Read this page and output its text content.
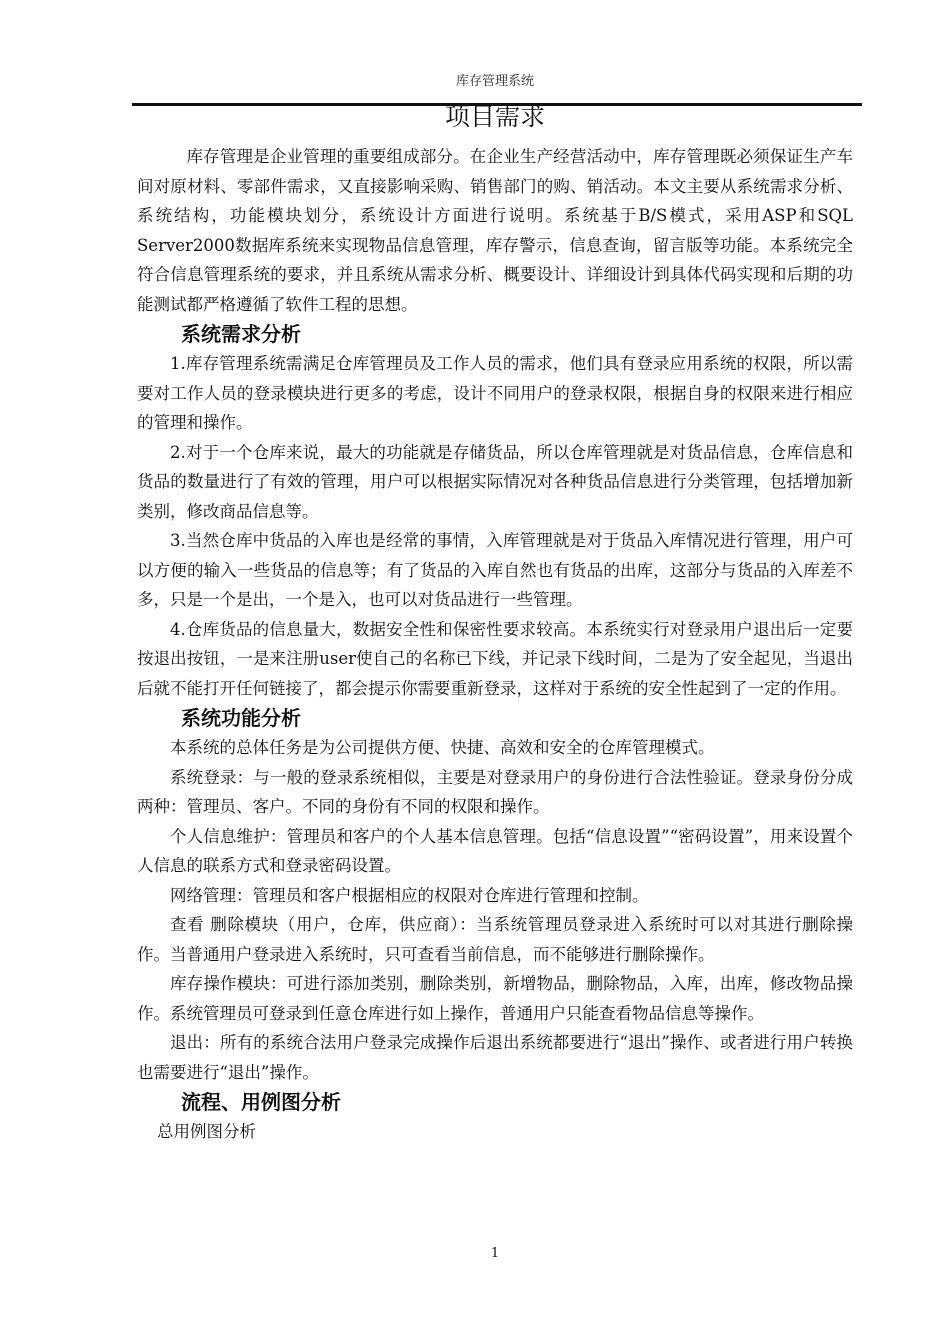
库存管理系统
项目需求

库存管理是企业管理的重要组成部分。在企业生产经营活动中，库存管理既必须保证生产车间对原材料、零部件需求，又直接影响采购、销售部门的购、销活动。本文主要从系统需求分析、系统结构，功能模块划分，系统设计方面进行说明。系统基于B/S模式，采用ASP和SQL Server2000数据库系统来实现物品信息管理，库存警示，信息查询，留言版等功能。本系统完全符合信息管理系统的要求，并且系统从需求分析、概要设计、详细设计到具体代码实现和后期的功能测试都严格遵循了软件工程的思想。

系统需求分析

1.库存管理系统需满足仓库管理员及工作人员的需求，他们具有登录应用系统的权限，所以需要对工作人员的登录模块进行更多的考虑，设计不同用户的登录权限，根据自身的权限来进行相应的管理和操作。

2.对于一个仓库来说，最大的功能就是存储货品，所以仓库管理就是对货品信息，仓库信息和货品的数量进行了有效的管理，用户可以根据实际情况对各种货品信息进行分类管理，包括增加新类别，修改商品信息等。

3.当然仓库中货品的入库也是经常的事情，入库管理就是对于货品入库情况进行管理，用户可以方便的输入一些货品的信息等；有了货品的入库自然也有货品的出库，这部分与货品的入库差不多，只是一个是出，一个是入，也可以对货品进行一些管理。

4.仓库货品的信息量大，数据安全性和保密性要求较高。本系统实行对登录用户退出后一定要按退出按钮，一是来注册user使自己的名称已下线，并记录下线时间，二是为了安全起见，当退出后就不能打开任何链接了，都会提示你需要重新登录，这样对于系统的安全性起到了一定的作用。

系统功能分析

本系统的总体任务是为公司提供方便、快捷、高效和安全的仓库管理模式。

系统登录：与一般的登录系统相似，主要是对登录用户的身份进行合法性验证。登录身份分成两种：管理员、客户。不同的身份有不同的权限和操作。

个人信息维护：管理员和客户的个人基本信息管理。包括“信息设置”“密码设置”，用来设置个人信息的联系方式和登录密码设置。

网络管理：管理员和客户根据相应的权限对仓库进行管理和控制。

查看 删除模块（用户，仓库，供应商）：当系统管理员登录进入系统时可以对其进行删除操作。当普通用户登录进入系统时，只可查看当前信息，而不能够进行删除操作。

库存操作模块：可进行添加类别，删除类别，新增物品，删除物品，入库，出库，修改物品操作。系统管理员可登录到任意仓库进行如上操作，普通用户只能查看物品信息等操作。

退出：所有的系统合法用户登录完成操作后退出系统都要进行“退出”操作、或者进行用户转换也需要进行“退出”操作。

流程、用例图分析

总用例图分析

1
